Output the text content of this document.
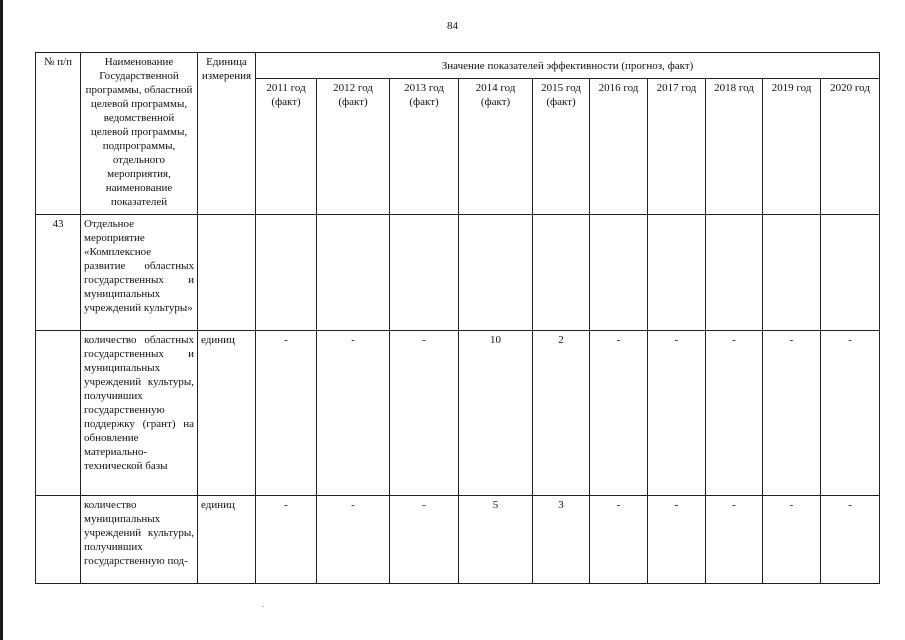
84
№ п/п	Наименование Государственной программы, областной целевой программы, ведомственной целевой программы, подпрограммы, отдельного мероприятия, наименование показателей	Единица измерения	Значение показателей эффективности (прогноз, факт)									
			2011 год (факт)	2012 год (факт)	2013 год (факт)	2014 год (факт)	2015 год (факт)	2016 год	2017 год	2018 год	2019 год	2020 год
43	Отдельное мероприятие «Комплексное развитие областных государственных и муниципальных учреждений культуры»											
	количество областных государственных и муниципальных учреждений культуры, получивших государственную поддержку (грант) на обновление материально-технической базы	единиц	-	-	-	10	2	-	-	-	-	-
	количество муниципальных учреждений культуры, получивших государственную под-	единиц	-	-	-	5	3	-	-	-	-	-
